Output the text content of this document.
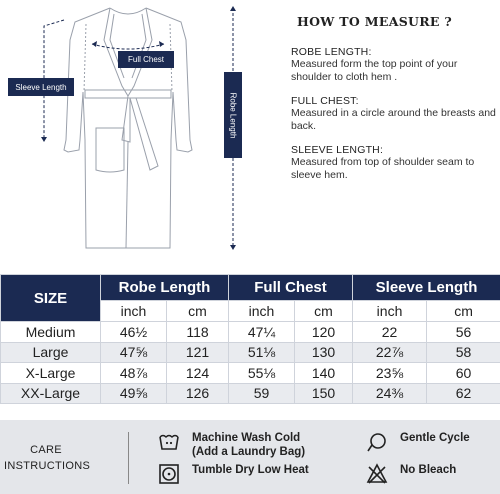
Sleeve Length
Full Chest
Robe Length
HOW TO MEASURE ?
ROBE LENGTH:
Measured form the top point of your shoulder to cloth hem .
FULL CHEST:
Measured in a circle around the breasts and back.
SLEEVE LENGTH:
Measured from top of shoulder seam to sleeve hem.
SIZE	Robe Length		Full Chest		Sleeve Length	
	inch	cm	inch	cm	inch	cm
Medium	46½	118	47¼	120	22	56
Large	47⅝	121	51⅛	130	22⅞	58
X-Large	48⅞	124	55⅛	140	23⅝	60
XX-Large	49⅝	126	59	150	24⅜	62
CARE
INSTRUCTIONS
Machine Wash Cold
(Add a Laundry Bag)
Tumble Dry Low Heat
Gentle Cycle
No Bleach
